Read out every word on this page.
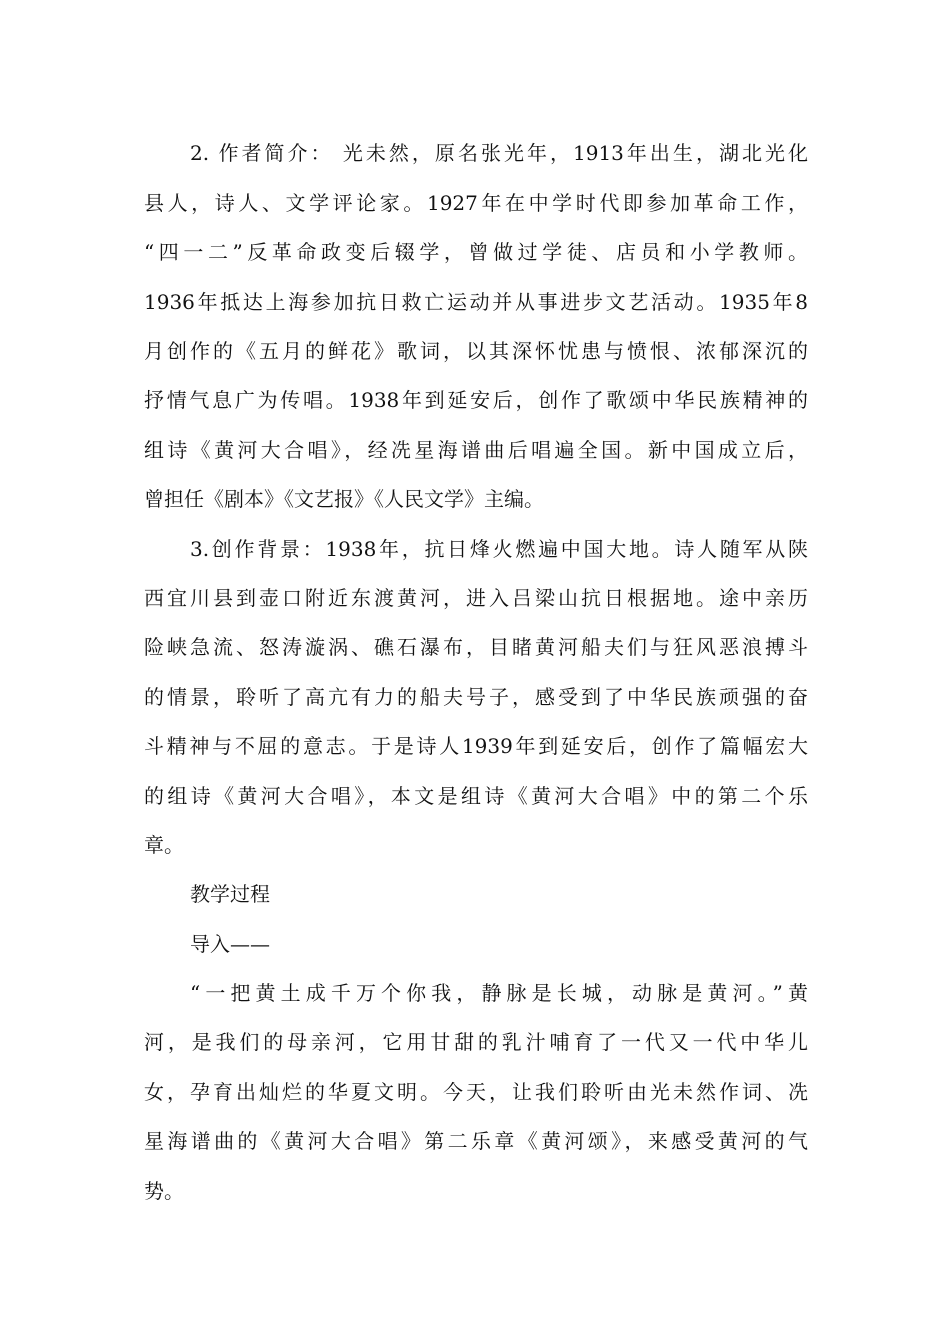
2. 作者简介： 光未然，原名张光年，1913年出生，湖北光化
县人，诗人、文学评论家。1927年在中学时代即参加革命工作，
“四一二”反革命政变后辍学，曾做过学徒、店员和小学教师。
1936年抵达上海参加抗日救亡运动并从事进步文艺活动。1935年8
月创作的《五月的鲜花》歌词，以其深怀忧患与愤恨、浓郁深沉的
抒情气息广为传唱。1938年到延安后，创作了歌颂中华民族精神的
组诗《黄河大合唱》，经冼星海谱曲后唱遍全国。新中国成立后，
曾担任《剧本》《文艺报》《人民文学》主编。
3.创作背景：1938年，抗日烽火燃遍中国大地。诗人随军从陕
西宜川县到壶口附近东渡黄河，进入吕梁山抗日根据地。途中亲历
险峡急流、怒涛漩涡、礁石瀑布，目睹黄河船夫们与狂风恶浪搏斗
的情景，聆听了高亢有力的船夫号子，感受到了中华民族顽强的奋
斗精神与不屈的意志。于是诗人1939年到延安后，创作了篇幅宏大
的组诗《黄河大合唱》，本文是组诗《黄河大合唱》中的第二个乐
章。
教学过程
导入——
“一把黄土成千万个你我，静脉是长城，动脉是黄河。”黄
河，是我们的母亲河，它用甘甜的乳汁哺育了一代又一代中华儿
女，孕育出灿烂的华夏文明。今天，让我们聆听由光未然作词、冼
星海谱曲的《黄河大合唱》第二乐章《黄河颂》，来感受黄河的气
势。
